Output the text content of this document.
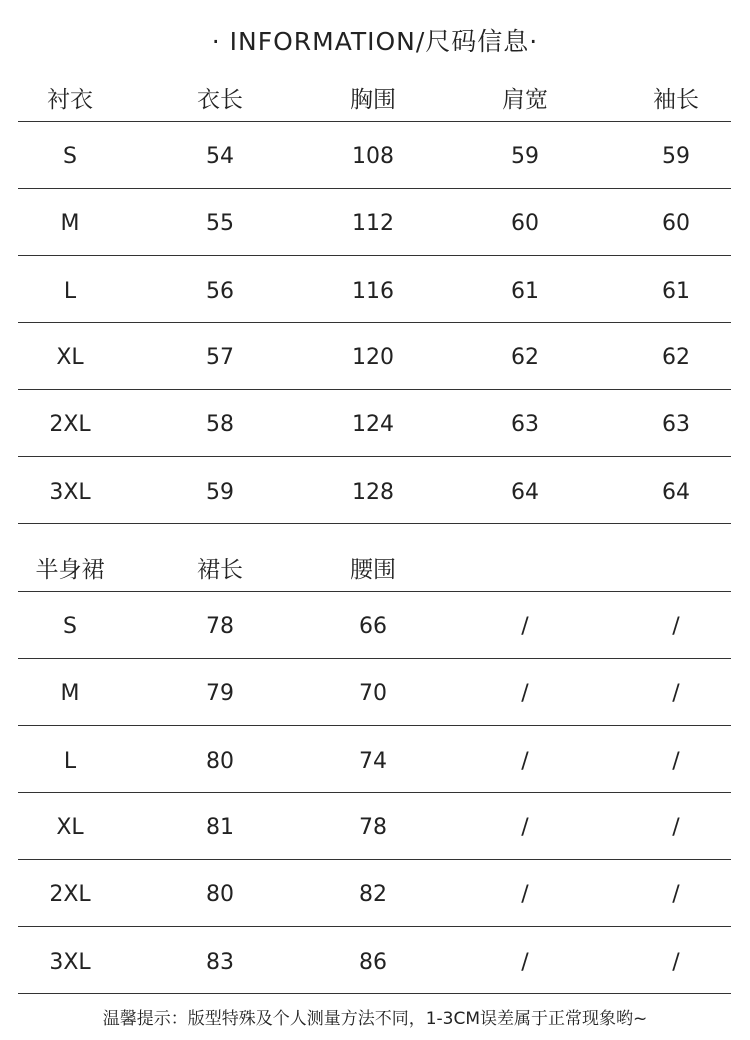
· INFORMATION/尺码信息·
衬衣	衣长	胸围	肩宽	袖长
S	54	108	59	59
M	55	112	60	60
L	56	116	61	61
XL	57	120	62	62
2XL	58	124	63	63
3XL	59	128	64	64
半身裙	裙长	腰围
S	78	66	/	/
M	79	70	/	/
L	80	74	/	/
XL	81	78	/	/
2XL	80	82	/	/
3XL	83	86	/	/
温馨提示：版型特殊及个人测量方法不同，1-3CM误差属于正常现象哟~
